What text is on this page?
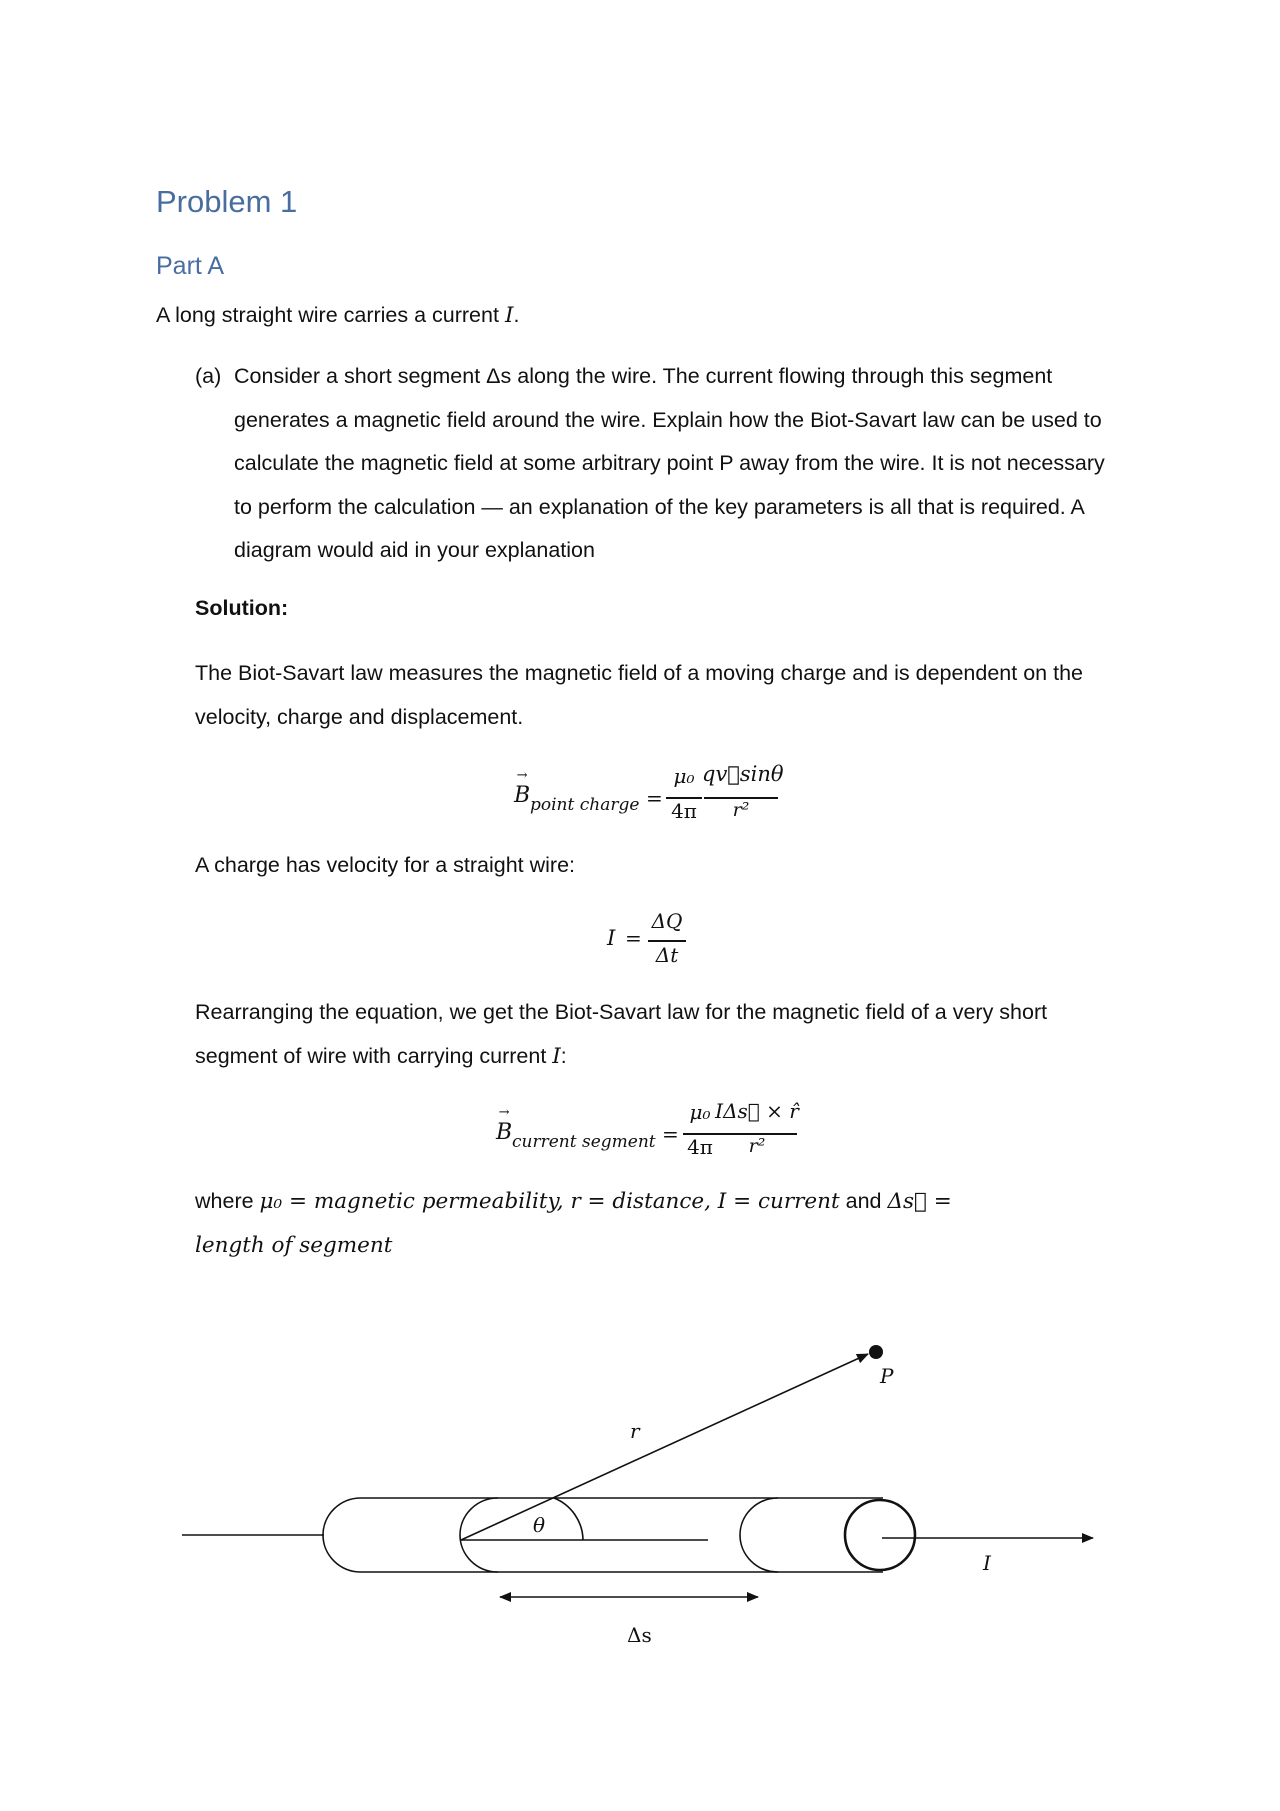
Problem 1
Part A
A long straight wire carries a current I.
(a) Consider a short segment Δs along the wire. The current flowing through this segment
generates a magnetic field around the wire. Explain how the Biot-Savart law can be used to
calculate the magnetic field at some arbitrary point P away from the wire. It is not necessary
to perform the calculation — an explanation of the key parameters is all that is required. A
diagram would aid in your explanation
Solution:
The Biot-Savart law measures the magnetic field of a moving charge and is dependent on the
velocity, charge and displacement.
→ B point charge =
μ₀
4π
qv⃗sinθ
r²
A charge has velocity for a straight wire:
I =
ΔQ
Δt
Rearranging the equation, we get the Biot-Savart law for the magnetic field of a very short
segment of wire with carrying current I:
→ B current segment =
μ₀
4π
IΔs⃗ × r̂
r²
where μ₀ = magnetic permeability, r = distance, I = current and Δs⃗ =
length of segment
r
P
θ
I
Δs
